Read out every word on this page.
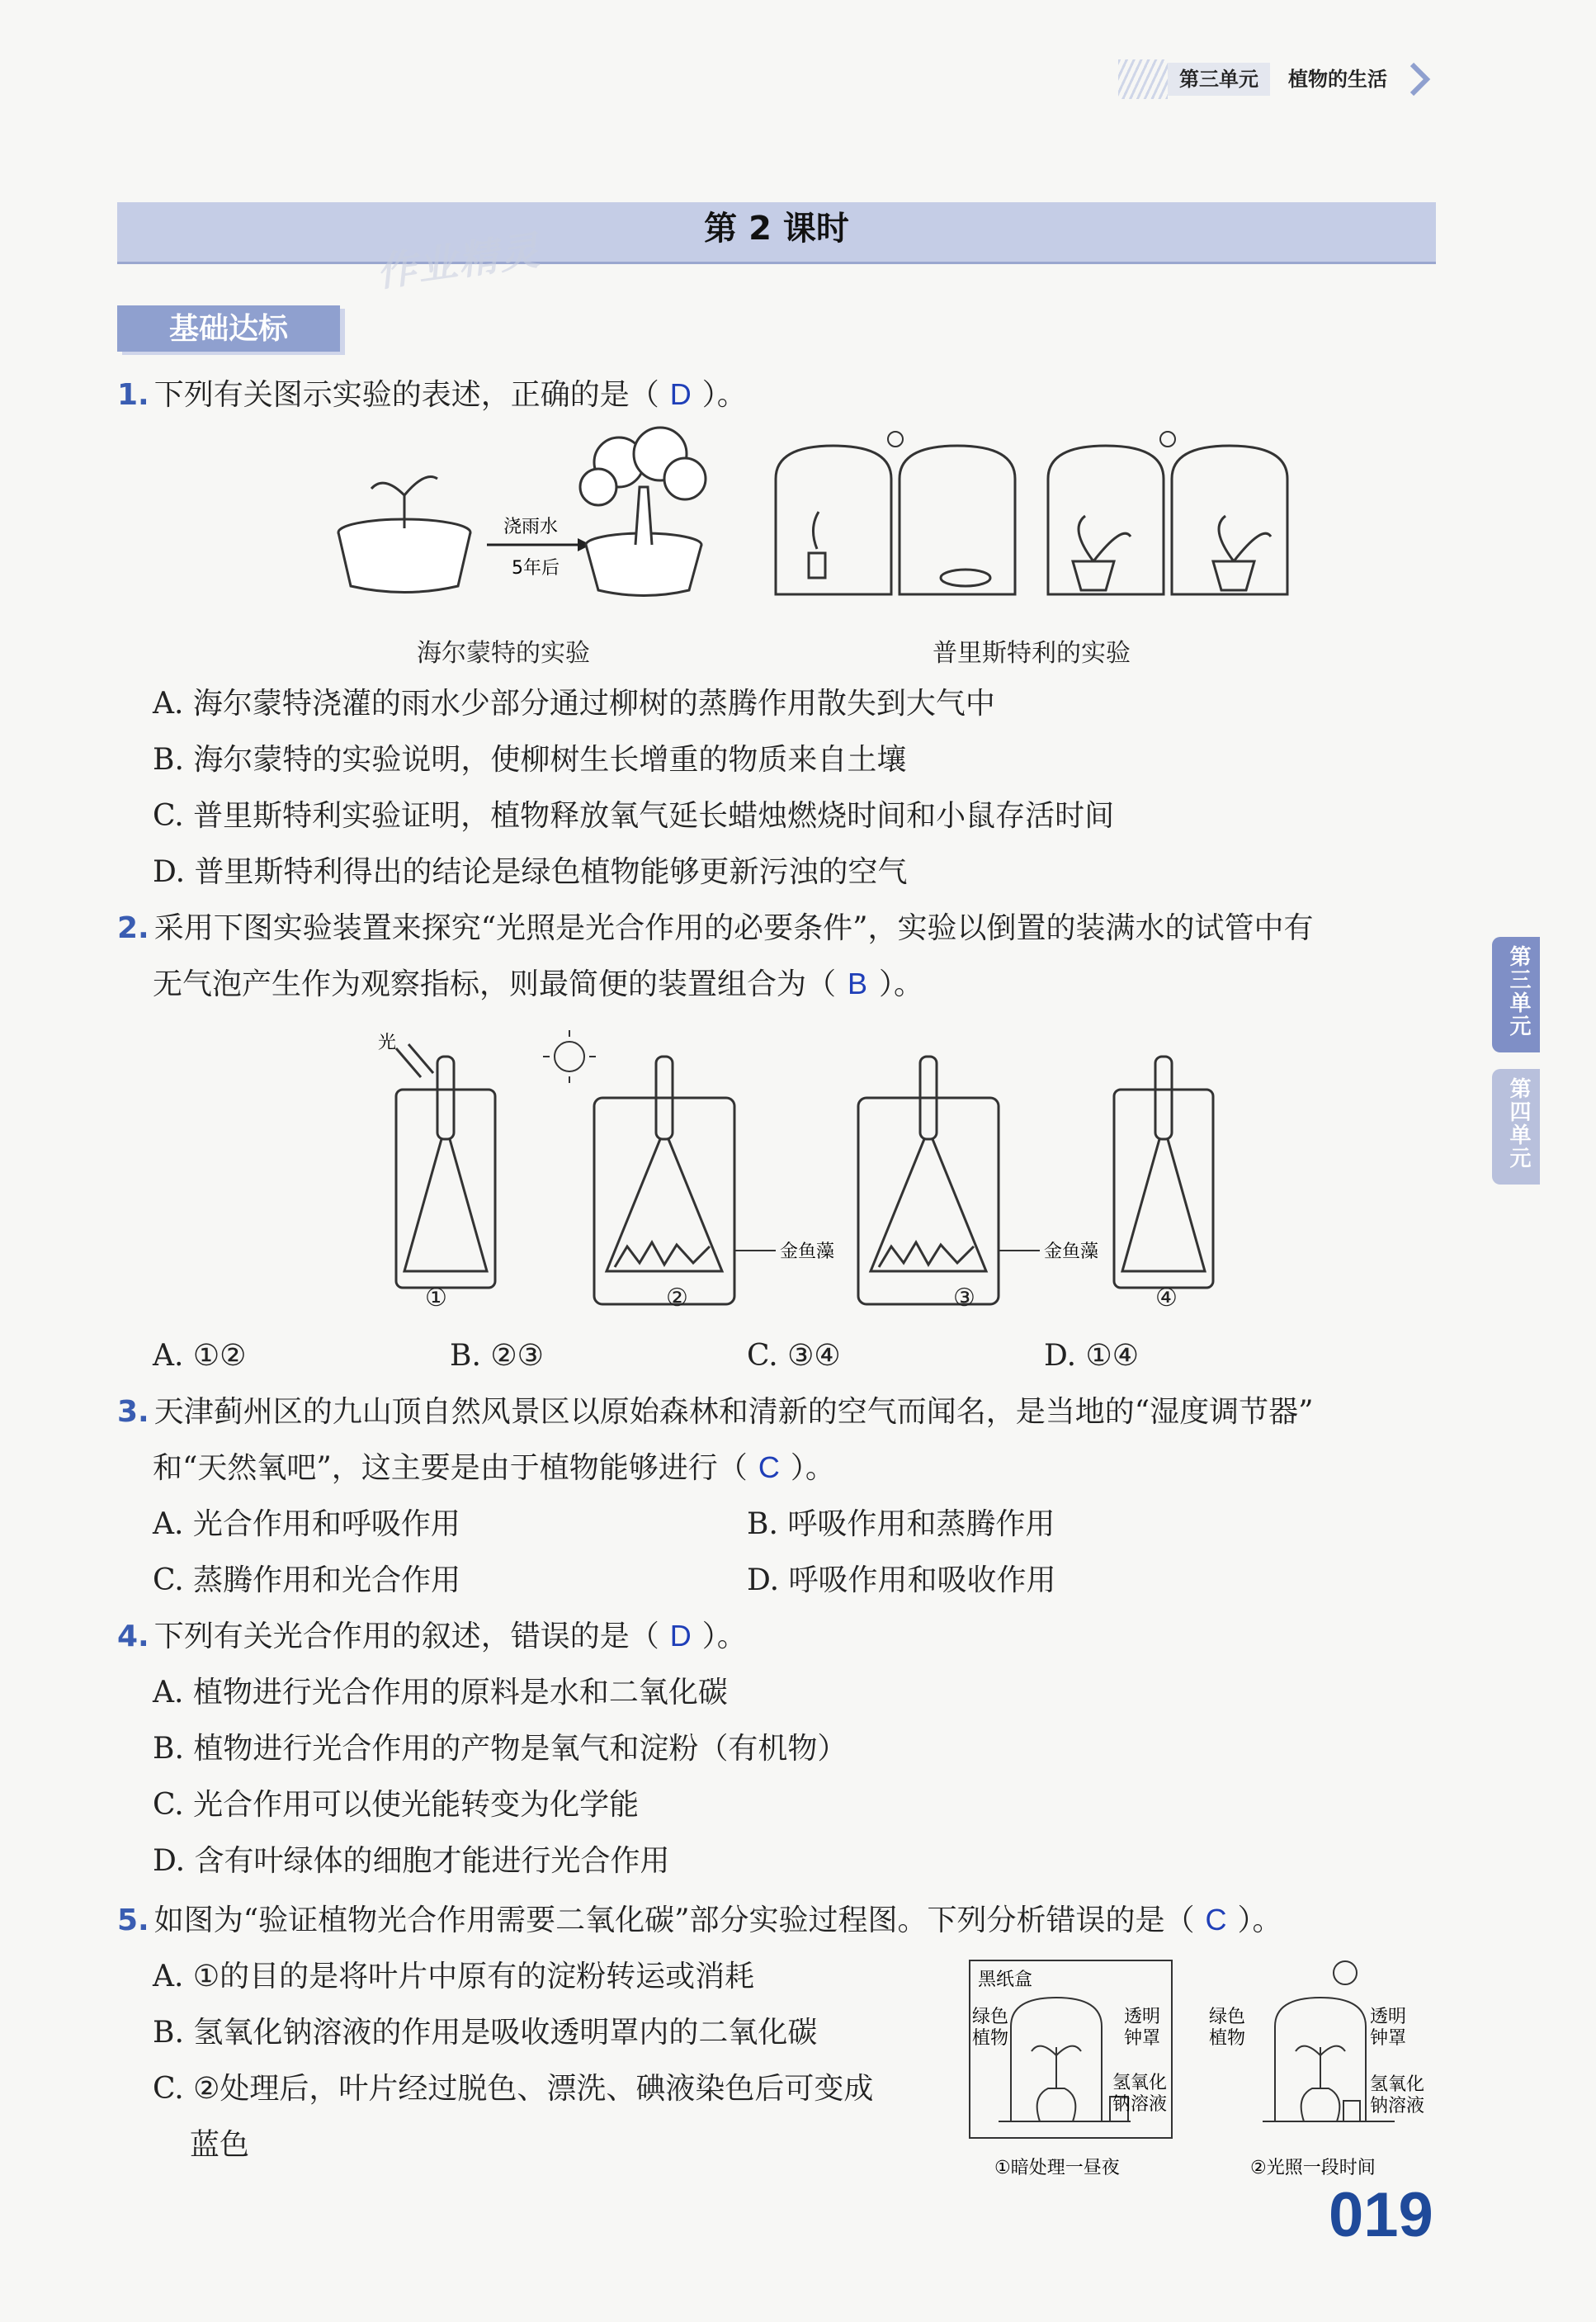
第三单元	植物的生活
第 2 课时
作业精灵
基础达标
第三单元
第四单元
1. 下列有关图示实验的表述，正确的是（ D ）。
浇雨水
5年后
海尔蒙特的实验	普里斯特利的实验
A. 海尔蒙特浇灌的雨水少部分通过柳树的蒸腾作用散失到大气中
B. 海尔蒙特的实验说明，使柳树生长增重的物质来自土壤
C. 普里斯特利实验证明，植物释放氧气延长蜡烛燃烧时间和小鼠存活时间
D. 普里斯特利得出的结论是绿色植物能够更新污浊的空气
2. 采用下图实验装置来探究“光照是光合作用的必要条件”，实验以倒置的装满水的试管中有
无气泡产生作为观察指标，则最简便的装置组合为（ B ）。
光
金鱼藻	金鱼藻
①	②	③	④
A. ①②	B. ②③	C. ③④	D. ①④
3. 天津蓟州区的九山顶自然风景区以原始森林和清新的空气而闻名，是当地的“湿度调节器”
和“天然氧吧”，这主要是由于植物能够进行（ C ）。
A. 光合作用和呼吸作用	B. 呼吸作用和蒸腾作用
C. 蒸腾作用和光合作用	D. 呼吸作用和吸收作用
4. 下列有关光合作用的叙述，错误的是（ D ）。
A. 植物进行光合作用的原料是水和二氧化碳
B. 植物进行光合作用的产物是氧气和淀粉（有机物）
C. 光合作用可以使光能转变为化学能
D. 含有叶绿体的细胞才能进行光合作用
5. 如图为“验证植物光合作用需要二氧化碳”部分实验过程图。下列分析错误的是（ C ）。
A. ①的目的是将叶片中原有的淀粉转运或消耗
B. 氢氧化钠溶液的作用是吸收透明罩内的二氧化碳
C. ②处理后，叶片经过脱色、漂洗、碘液染色后可变成
蓝色
黑纸盒
绿色
植物
透明
钟罩
氢氧化
钠溶液
①暗处理一昼夜
绿色
植物
透明
钟罩
氢氧化
钠溶液
②光照一段时间
019
